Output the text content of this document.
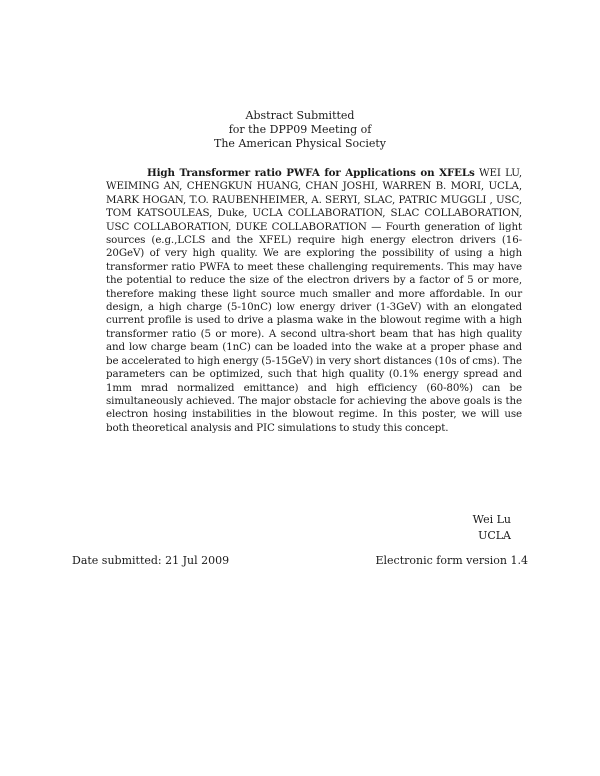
Abstract Submitted
for the DPP09 Meeting of
The American Physical Society
High Transformer ratio PWFA for Applications on XFELs WEI LU, WEIMING AN, CHENGKUN HUANG, CHAN JOSHI, WARREN B. MORI, UCLA, MARK HOGAN, T.O. RAUBENHEIMER, A. SERYI, SLAC, PATRIC MUGGLI , USC, TOM KATSOULEAS, Duke, UCLA COLLABORATION, SLAC COLLABORATION, USC COLLABORATION, DUKE COLLABORATION — Fourth generation of light sources (e.g.,LCLS and the XFEL) require high energy electron drivers (16-20GeV) of very high quality. We are exploring the possibility of using a high transformer ratio PWFA to meet these challenging requirements. This may have the potential to reduce the size of the electron drivers by a factor of 5 or more, therefore making these light source much smaller and more affordable. In our design, a high charge (5-10nC) low energy driver (1-3GeV) with an elongated current profile is used to drive a plasma wake in the blowout regime with a high transformer ratio (5 or more). A second ultra-short beam that has high quality and low charge beam (1nC) can be loaded into the wake at a proper phase and be accelerated to high energy (5-15GeV) in very short distances (10s of cms). The parameters can be optimized, such that high quality (0.1% energy spread and 1mm mrad normalized emittance) and high efficiency (60-80%) can be simultaneously achieved. The major obstacle for achieving the above goals is the electron hosing instabilities in the blowout regime. In this poster, we will use both theoretical analysis and PIC simulations to study this concept.
Wei Lu
UCLA
Date submitted: 21 Jul 2009	Electronic form version 1.4
